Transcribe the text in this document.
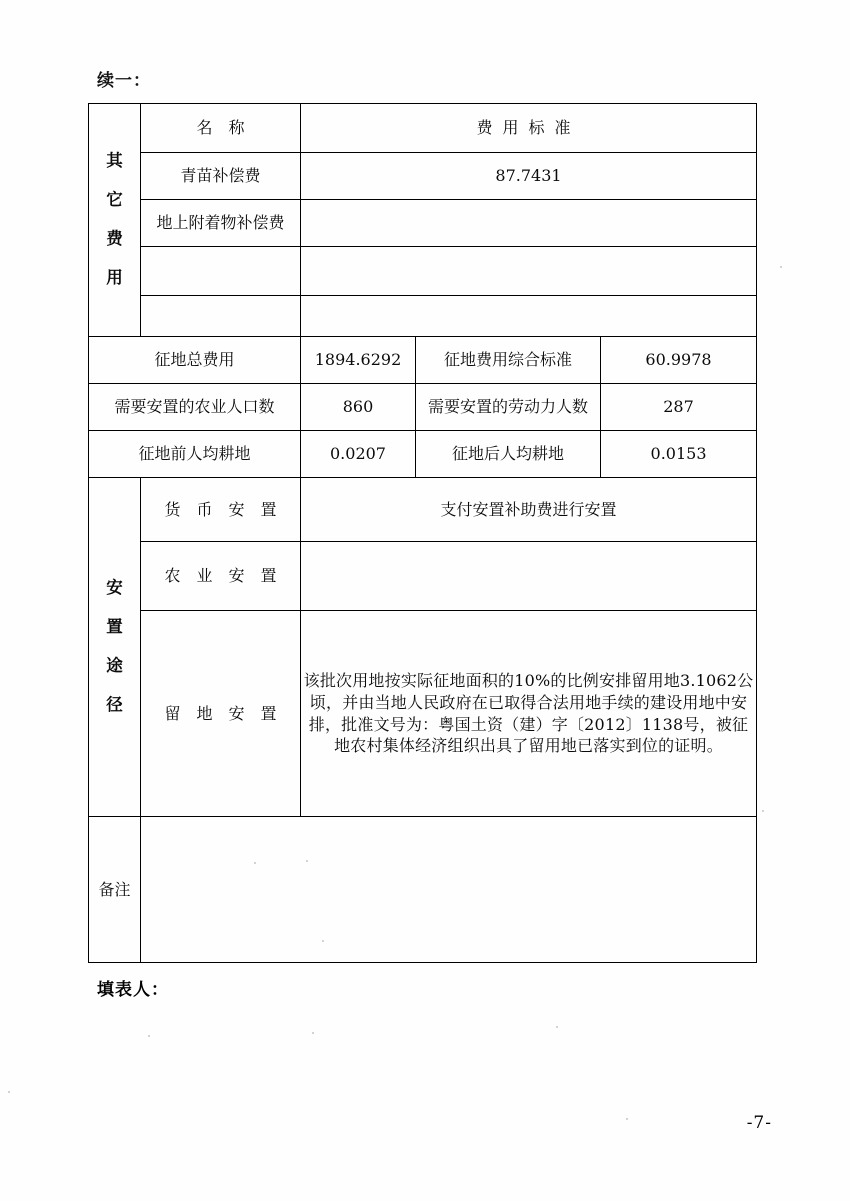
续一：
其
它
费
用	名　称	费用标准		
	青苗补偿费	87.7431		
	地上附着物补偿费			

征地总费用		1894.6292	征地费用综合标准	60.9978
需要安置的农业人口数		860	需要安置的劳动力人数	287
征地前人均耕地		0.0207	征地后人均耕地	0.0153

安
置
途
径	货　币　安　置	支付安置补助费进行安置		
	农　业　安　置			
	留　地　安　置	该批次用地按实际征地面积的10%的比例安排留用地3.1062公顷，并由当地人民政府在已取得合法用地手续的建设用地中安排，批准文号为：粤国土资（建）字〔2012〕1138号，被征地农村集体经济组织出具了留用地已落实到位的证明。		
备注				
填表人：
-7-
